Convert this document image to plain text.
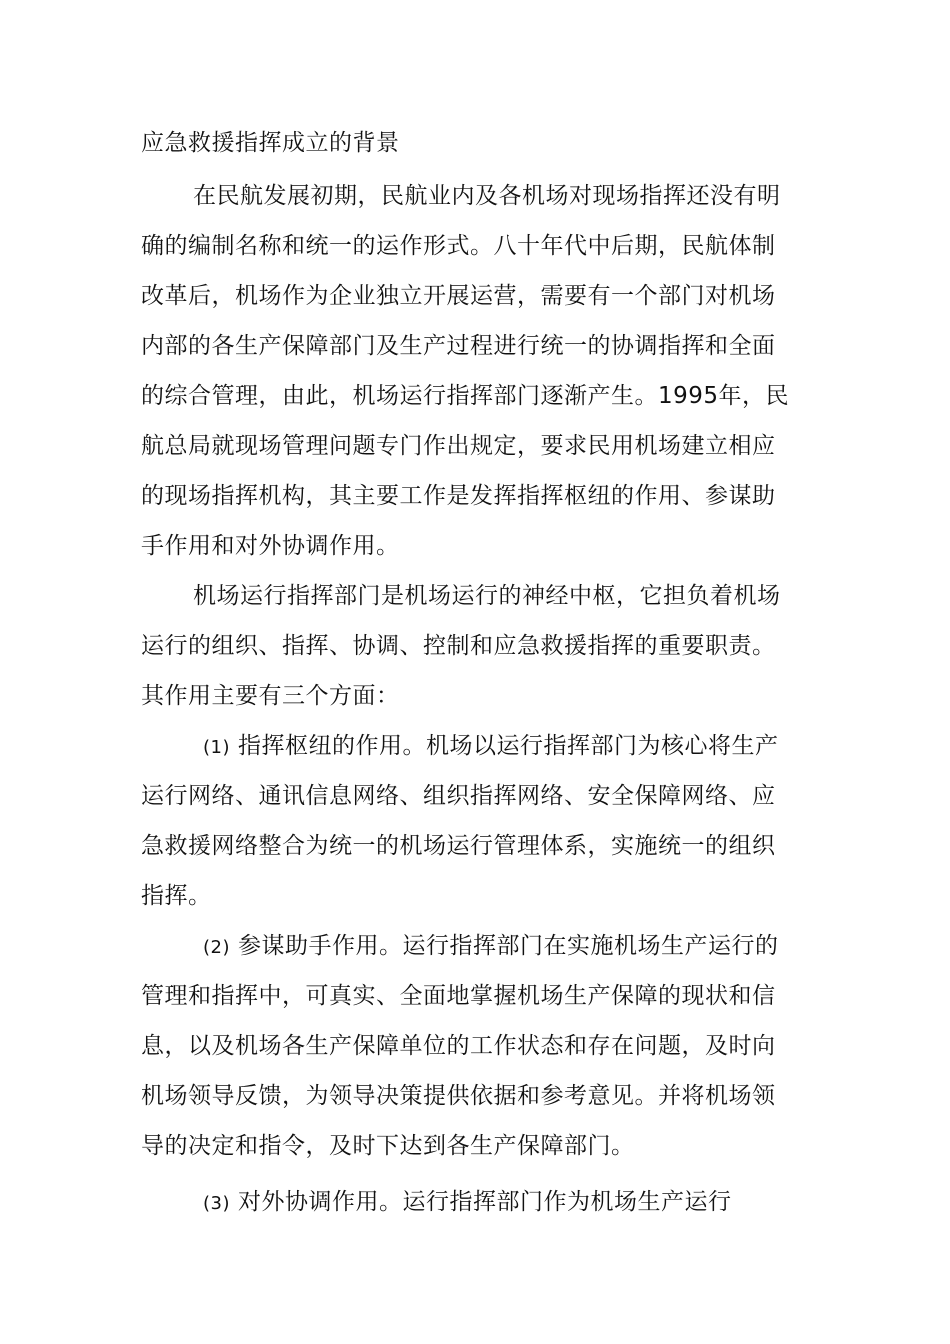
应急救援指挥成立的背景
在民航发展初期，民航业内及各机场对现场指挥还没有明
确的编制名称和统一的运作形式。八十年代中后期，民航体制
改革后，机场作为企业独立开展运营，需要有一个部门对机场
内部的各生产保障部门及生产过程进行统一的协调指挥和全面
的综合管理，由此，机场运行指挥部门逐渐产生。1995年，民
航总局就现场管理问题专门作出规定，要求民用机场建立相应
的现场指挥机构，其主要工作是发挥指挥枢纽的作用、参谋助
手作用和对外协调作用。
机场运行指挥部门是机场运行的神经中枢，它担负着机场
运行的组织、指挥、协调、控制和应急救援指挥的重要职责。
其作用主要有三个方面：
(1) 指挥枢纽的作用。机场以运行指挥部门为核心将生产
运行网络、通讯信息网络、组织指挥网络、安全保障网络、应
急救援网络整合为统一的机场运行管理体系，实施统一的组织
指挥。
(2) 参谋助手作用。运行指挥部门在实施机场生产运行的
管理和指挥中，可真实、全面地掌握机场生产保障的现状和信
息，以及机场各生产保障单位的工作状态和存在问题，及时向
机场领导反馈，为领导决策提供依据和参考意见。并将机场领
导的决定和指令，及时下达到各生产保障部门。
(3) 对外协调作用。运行指挥部门作为机场生产运行
